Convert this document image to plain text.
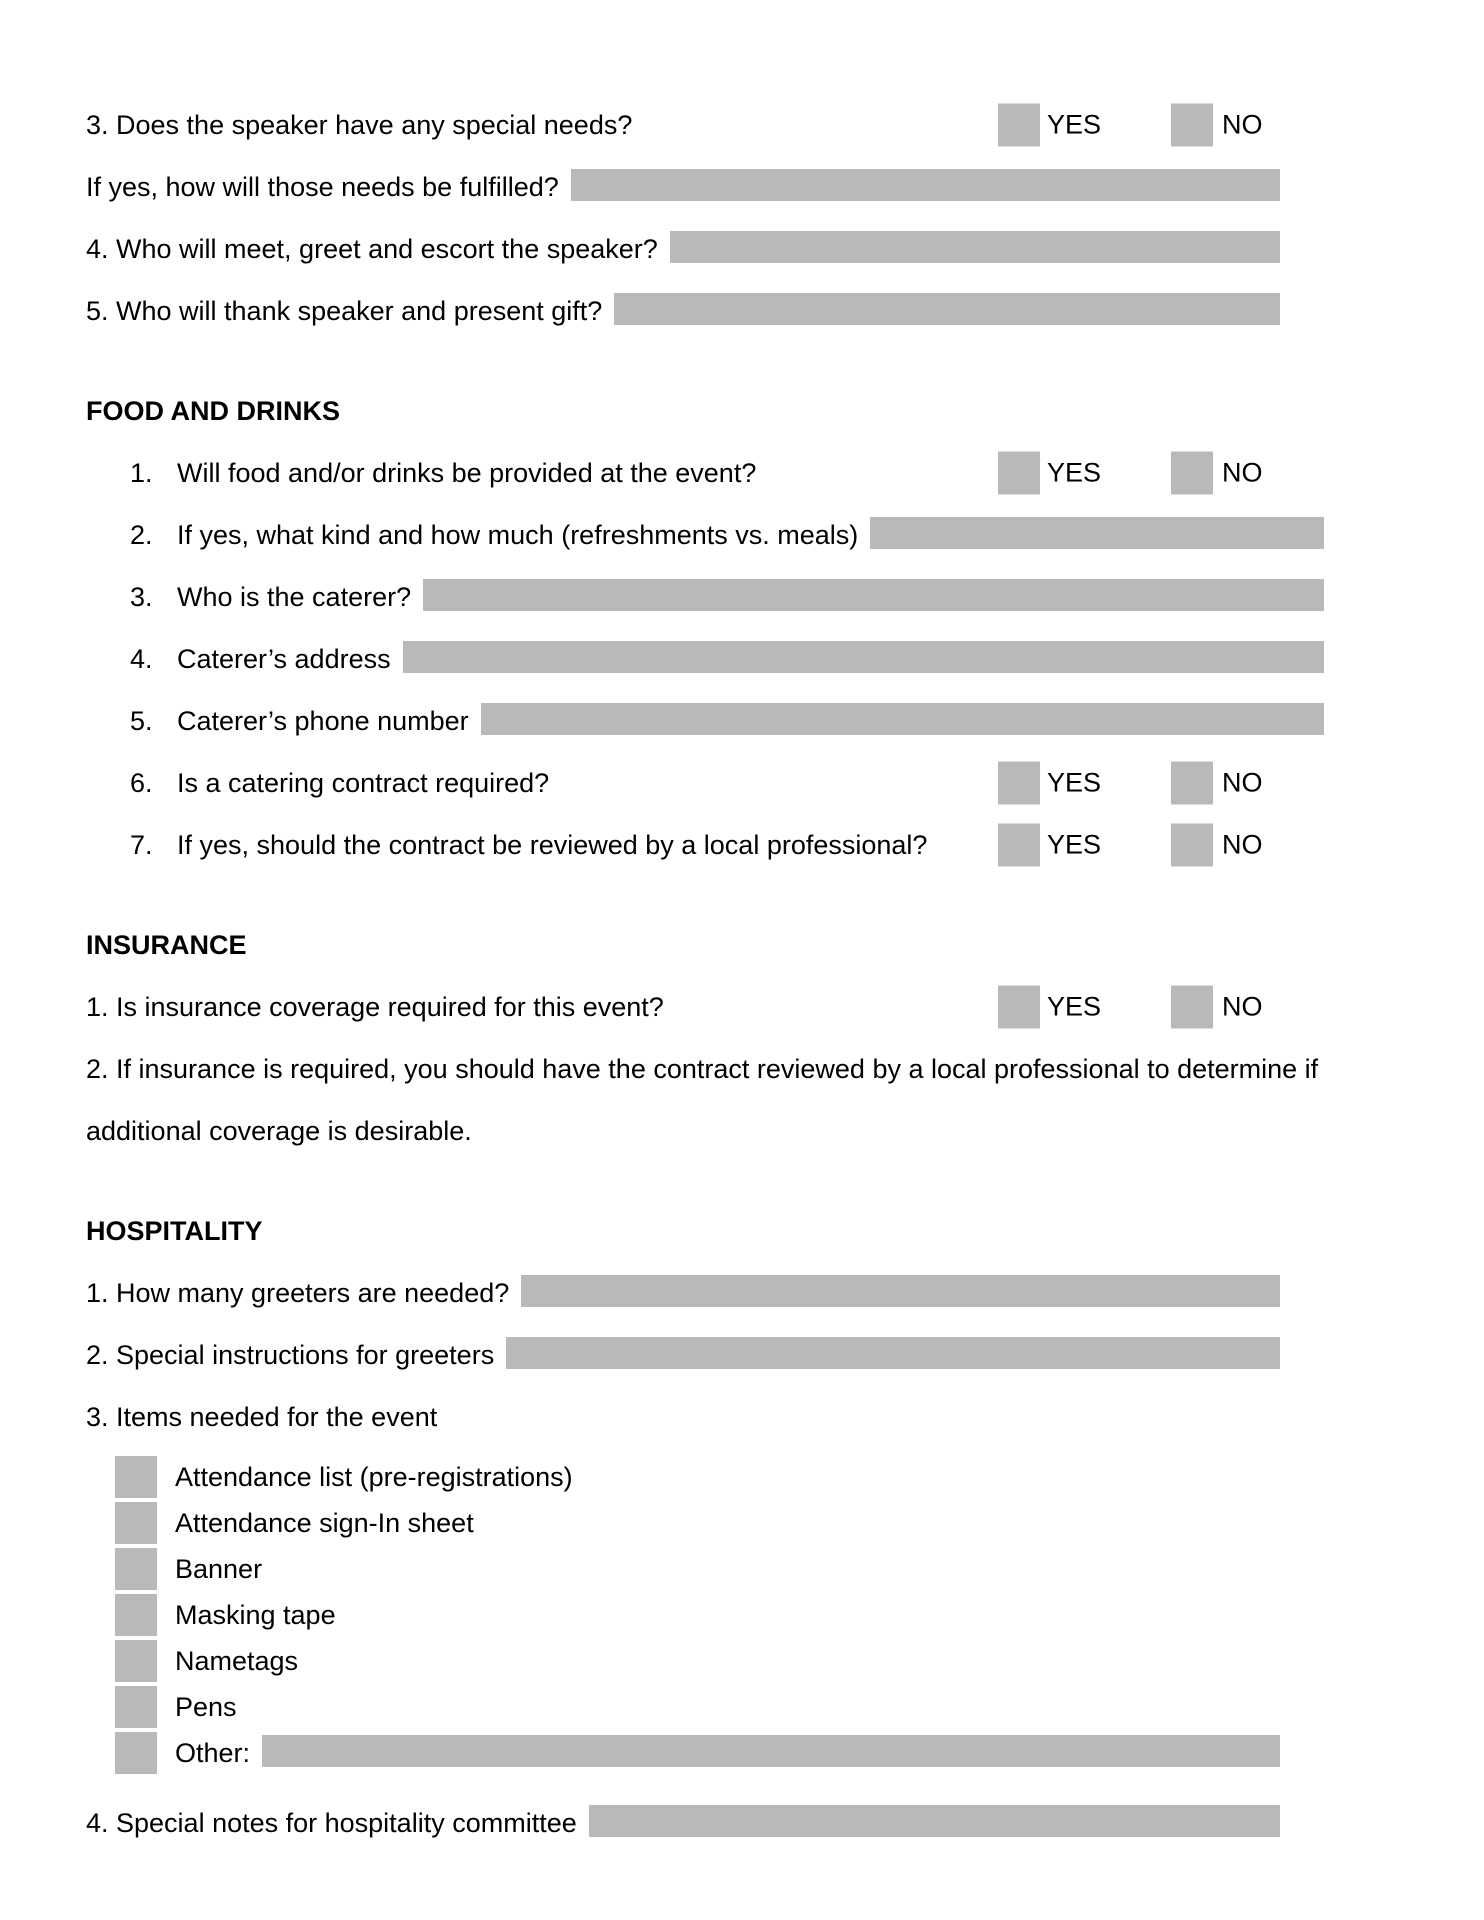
3. Does the speaker have any special needs?	YES	NO
If yes, how will those needs be fulfilled?
4. Who will meet, greet and escort the speaker?
5. Who will thank speaker and present gift?
FOOD AND DRINKS
1. Will food and/or drinks be provided at the event?	YES	NO
2. If yes, what kind and how much (refreshments vs. meals)
3. Who is the caterer?
4. Caterer’s address
5. Caterer’s phone number
6. Is a catering contract required?	YES	NO
7. If yes, should the contract be reviewed by a local professional?	YES	NO
INSURANCE
1. Is insurance coverage required for this event?	YES	NO
2. If insurance is required, you should have the contract reviewed by a local professional to determine if
additional coverage is desirable.
HOSPITALITY
1. How many greeters are needed?
2. Special instructions for greeters
3. Items needed for the event
Attendance list (pre-registrations)
Attendance sign-In sheet
Banner
Masking tape
Nametags
Pens
Other:
4. Special notes for hospitality committee
